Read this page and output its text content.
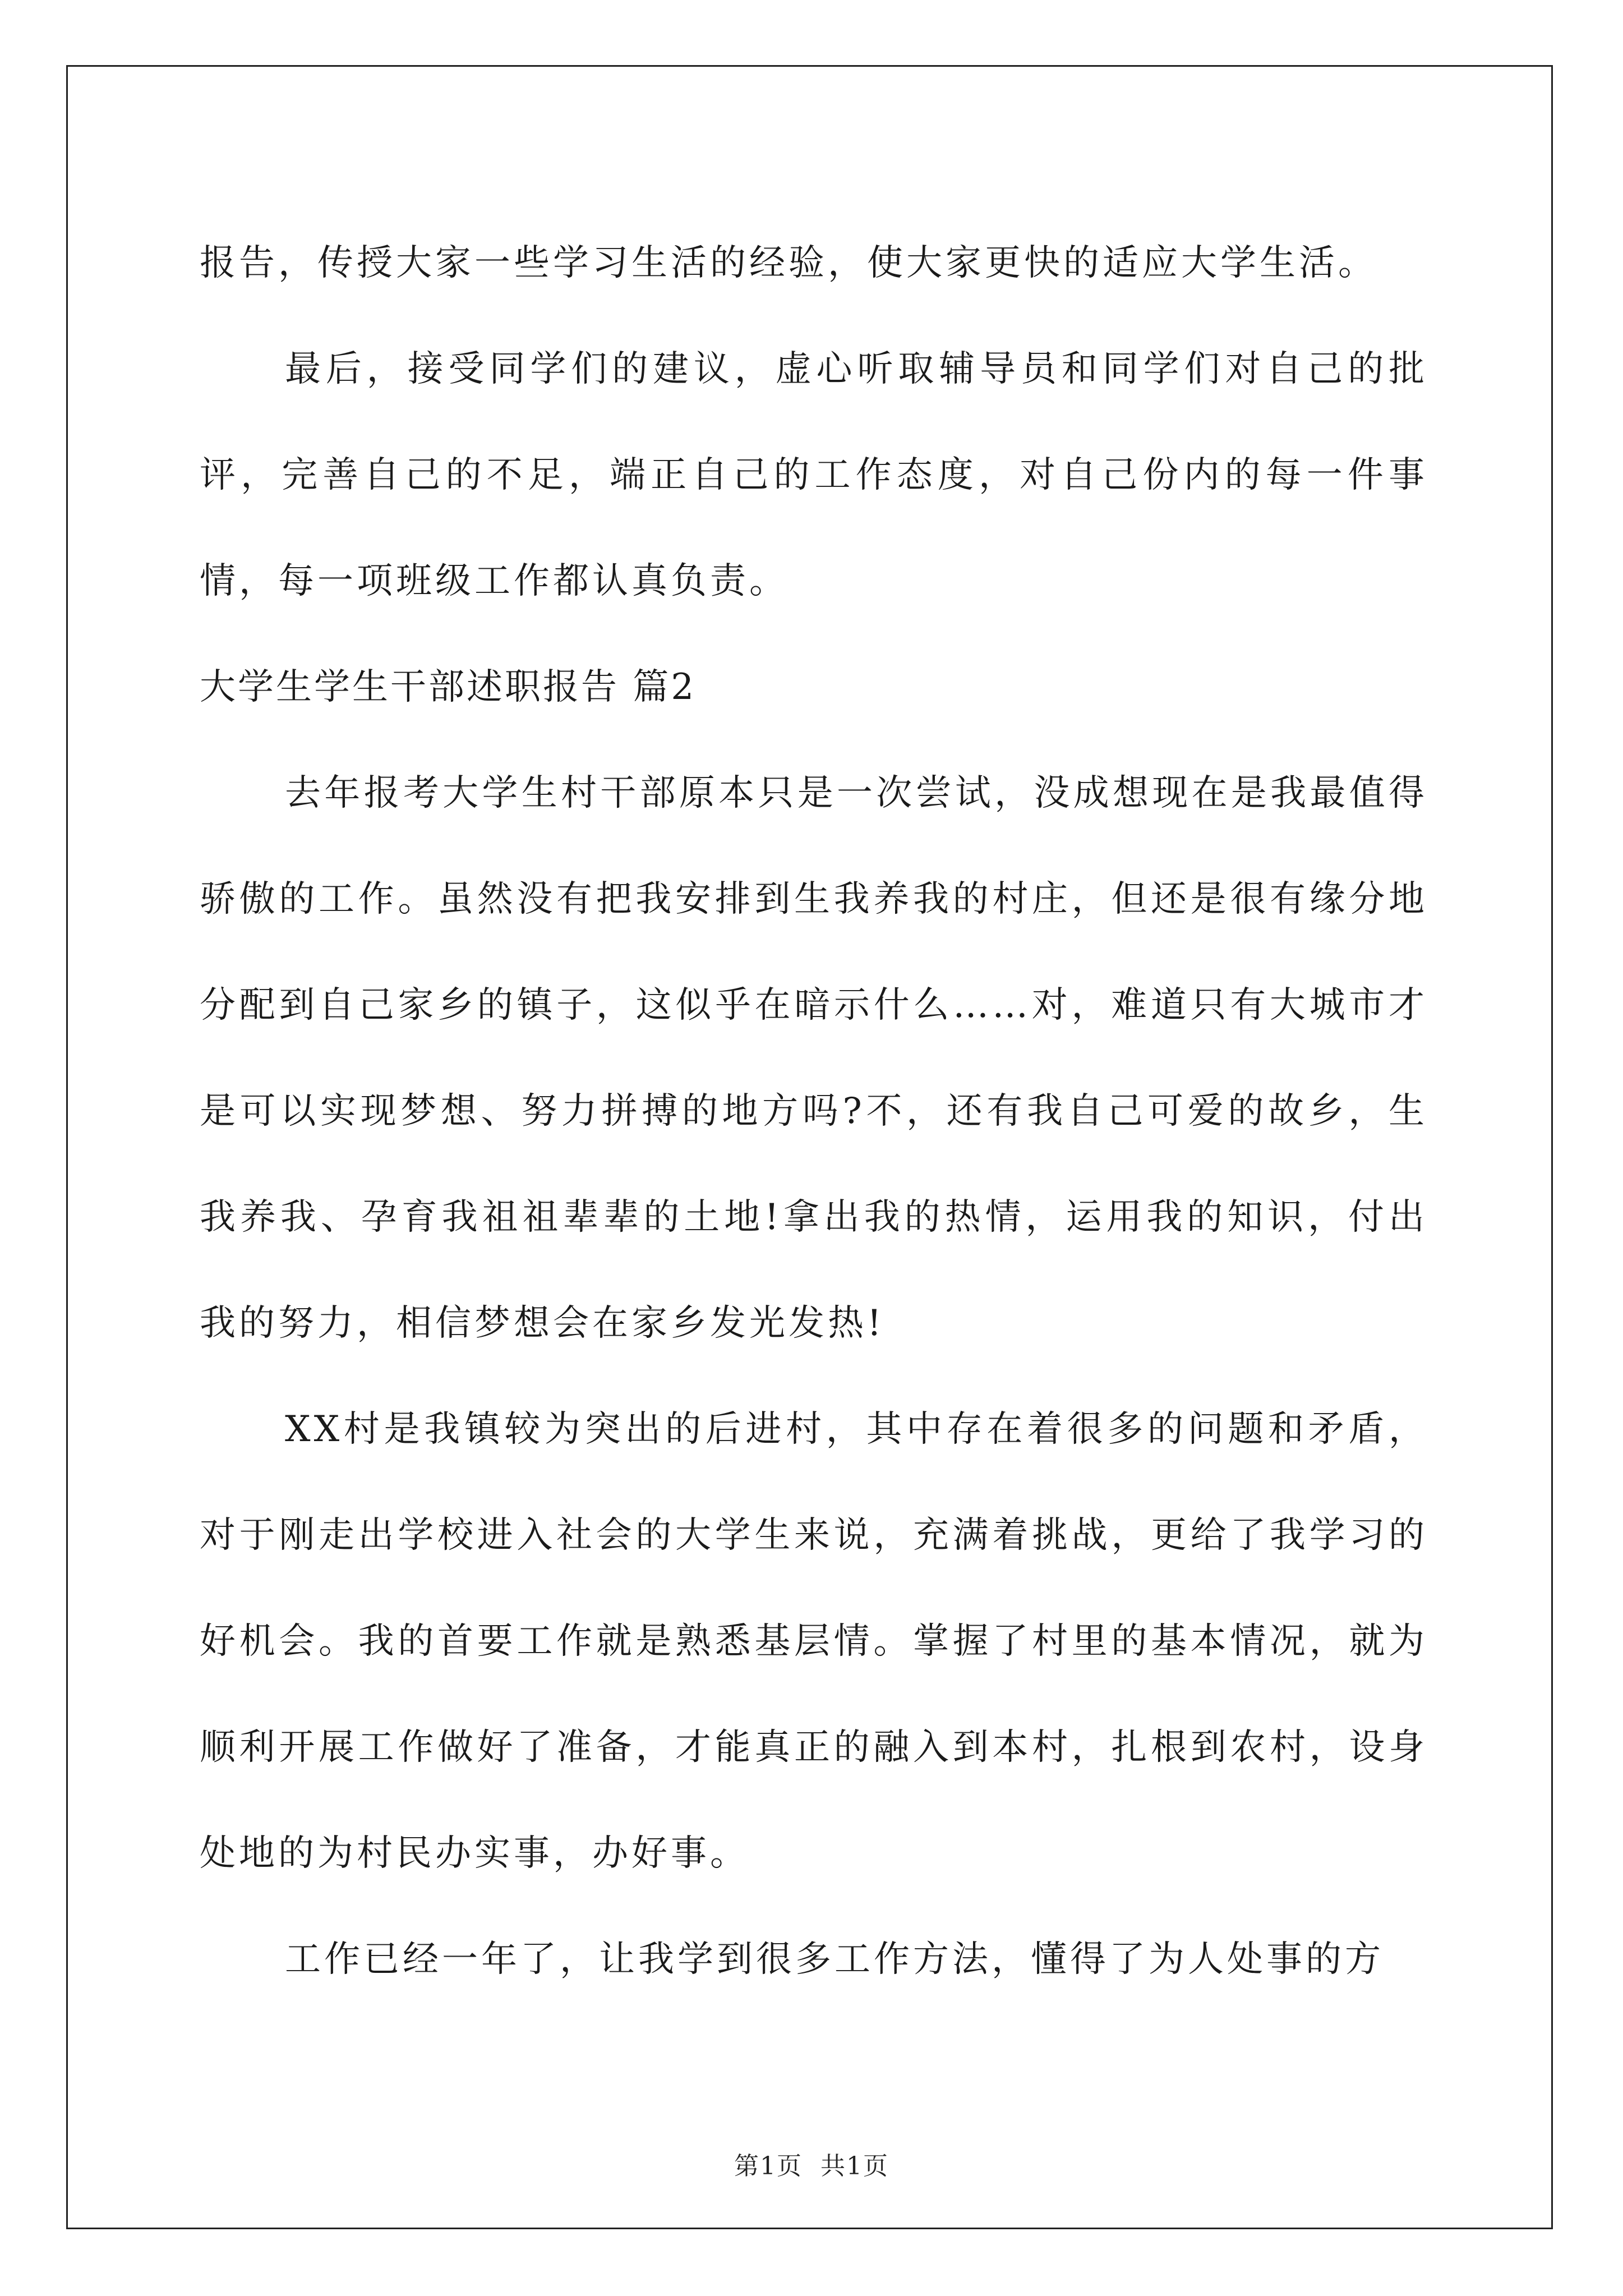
报告，传授大家一些学习生活的经验，使大家更快的适应大学生活。

最后，接受同学们的建议，虚心听取辅导员和同学们对自己的批评，完善自己的不足，端正自己的工作态度，对自己份内的每一件事情，每一项班级工作都认真负责。

大学生学生干部述职报告 篇2

去年报考大学生村干部原本只是一次尝试，没成想现在是我最值得骄傲的工作。虽然没有把我安排到生我养我的村庄，但还是很有缘分地分配到自己家乡的镇子，这似乎在暗示什么……对，难道只有大城市才是可以实现梦想、努力拼搏的地方吗?不，还有我自己可爱的故乡，生我养我、孕育我祖祖辈辈的土地!拿出我的热情，运用我的知识，付出我的努力，相信梦想会在家乡发光发热!

XX村是我镇较为突出的后进村，其中存在着很多的问题和矛盾，对于刚走出学校进入社会的大学生来说，充满着挑战，更给了我学习的好机会。我的首要工作就是熟悉基层情。掌握了村里的基本情况，就为顺利开展工作做好了准备，才能真正的融入到本村，扎根到农村，设身处地的为村民办实事，办好事。

工作已经一年了，让我学到很多工作方法，懂得了为人处事的方

第1页  共1页
